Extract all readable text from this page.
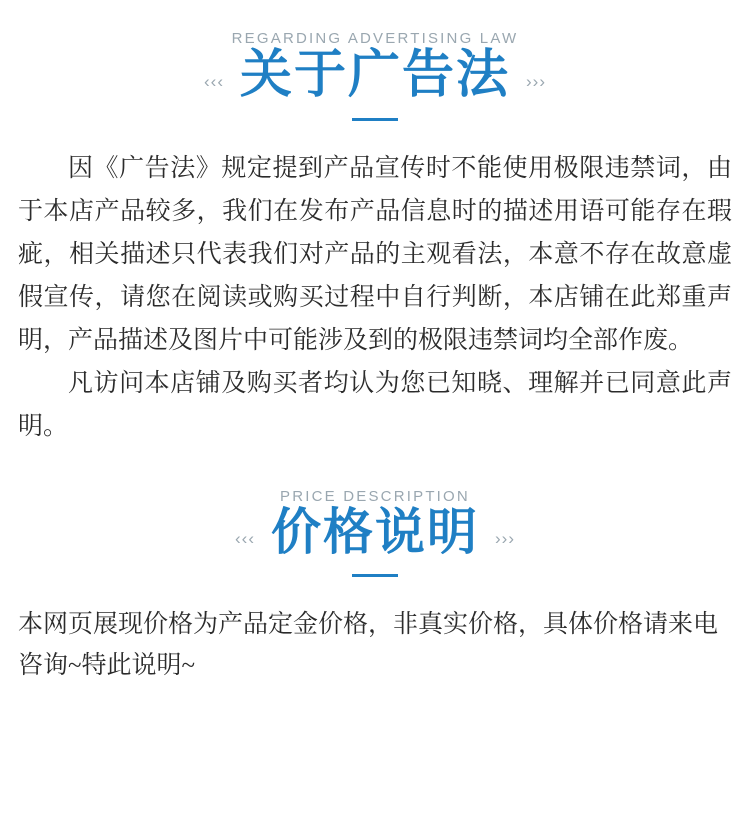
REGARDING ADVERTISING LAW
‹‹‹ 关于广告法 ›››

因《广告法》规定提到产品宣传时不能使用极限违禁词，由于本店产品较多，我们在发布产品信息时的描述用语可能存在瑕疵，相关描述只代表我们对产品的主观看法，本意不存在故意虚假宣传，请您在阅读或购买过程中自行判断，本店铺在此郑重声明，产品描述及图片中可能涉及到的极限违禁词均全部作废。

凡访问本店铺及购买者均认为您已知晓、理解并已同意此声明。

PRICE DESCRIPTION
‹‹‹ 价格说明 ›››

本网页展现价格为产品定金价格，非真实价格，具体价格请来电咨询~特此说明~
